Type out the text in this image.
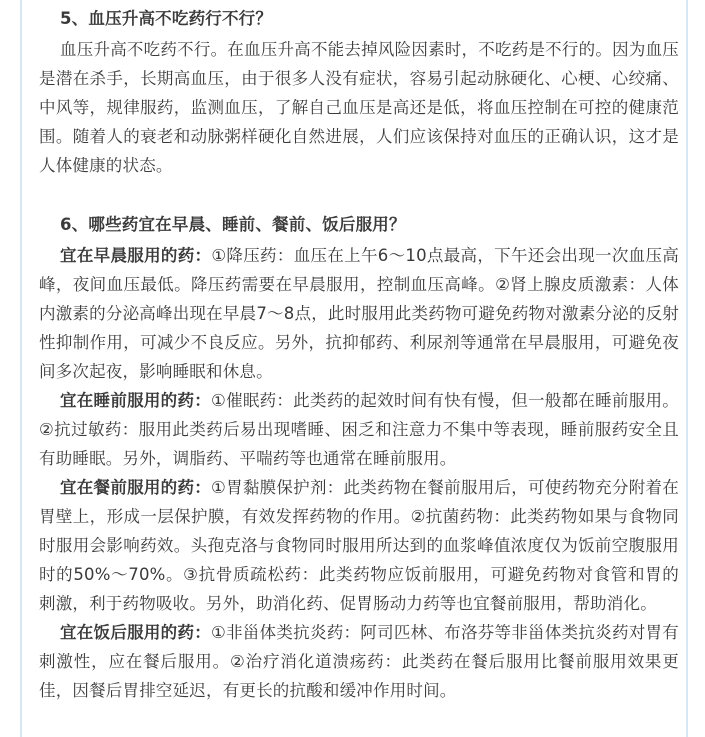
5、血压升高不吃药行不行？

血压升高不吃药不行。在血压升高不能去掉风险因素时，不吃药是不行的。因为血压是潜在杀手，长期高血压，由于很多人没有症状，容易引起动脉硬化、心梗、心绞痛、中风等，规律服药，监测血压，了解自己血压是高还是低，将血压控制在可控的健康范围。随着人的衰老和动脉粥样硬化自然进展，人们应该保持对血压的正确认识，这才是人体健康的状态。

6、哪些药宜在早晨、睡前、餐前、饭后服用？

宜在早晨服用的药：①降压药：血压在上午6～10点最高，下午还会出现一次血压高峰，夜间血压最低。降压药需要在早晨服用，控制血压高峰。②肾上腺皮质激素：人体内激素的分泌高峰出现在早晨7～8点，此时服用此类药物可避免药物对激素分泌的反射性抑制作用，可减少不良反应。另外，抗抑郁药、利尿剂等通常在早晨服用，可避免夜间多次起夜，影响睡眠和休息。

宜在睡前服用的药：①催眠药：此类药的起效时间有快有慢，但一般都在睡前服用。②抗过敏药：服用此类药后易出现嗜睡、困乏和注意力不集中等表现，睡前服药安全且有助睡眠。另外，调脂药、平喘药等也通常在睡前服用。

宜在餐前服用的药：①胃黏膜保护剂：此类药物在餐前服用后，可使药物充分附着在胃壁上，形成一层保护膜，有效发挥药物的作用。②抗菌药物：此类药物如果与食物同时服用会影响药效。头孢克洛与食物同时服用所达到的血浆峰值浓度仅为饭前空腹服用时的50%～70%。③抗骨质疏松药：此类药物应饭前服用，可避免药物对食管和胃的刺激，利于药物吸收。另外，助消化药、促胃肠动力药等也宜餐前服用，帮助消化。

宜在饭后服用的药：①非甾体类抗炎药：阿司匹林、布洛芬等非甾体类抗炎药对胃有刺激性，应在餐后服用。②治疗消化道溃疡药：此类药在餐后服用比餐前服用效果更佳，因餐后胃排空延迟，有更长的抗酸和缓冲作用时间。
